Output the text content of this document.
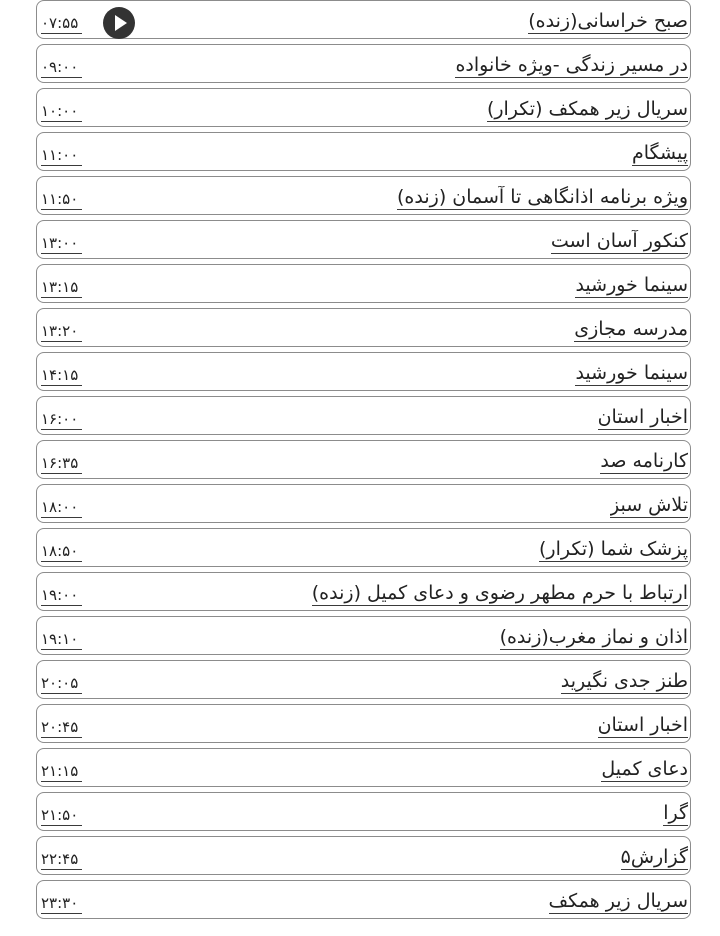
صبح خراسانی(زنده)
۰۷:۵۵
در مسیر زندگی -ویژه خانواده
۰۹:۰۰
سریال زیر همکف (تکرار)
۱۰:۰۰
پیشگام
۱۱:۰۰
ویژه برنامه اذانگاهی تا آسمان (زنده)
۱۱:۵۰
کنکور آسان است
۱۳:۰۰
سینما خورشید
۱۳:۱۵
مدرسه مجازی
۱۳:۲۰
سینما خورشید
۱۴:۱۵
اخبار استان
۱۶:۰۰
کارنامه صد
۱۶:۳۵
تلاش سبز
۱۸:۰۰
پزشک شما (تکرار)
۱۸:۵۰
ارتباط با حرم مطهر رضوی و دعای کمیل (زنده)
۱۹:۰۰
اذان و نماز مغرب(زنده)
۱۹:۱۰
طنز جدی نگیرید
۲۰:۰۵
اخبار استان
۲۰:۴۵
دعای کمیل
۲۱:۱۵
گرا
۲۱:۵۰
گزارش۵
۲۲:۴۵
سریال زیر همکف
۲۳:۳۰
